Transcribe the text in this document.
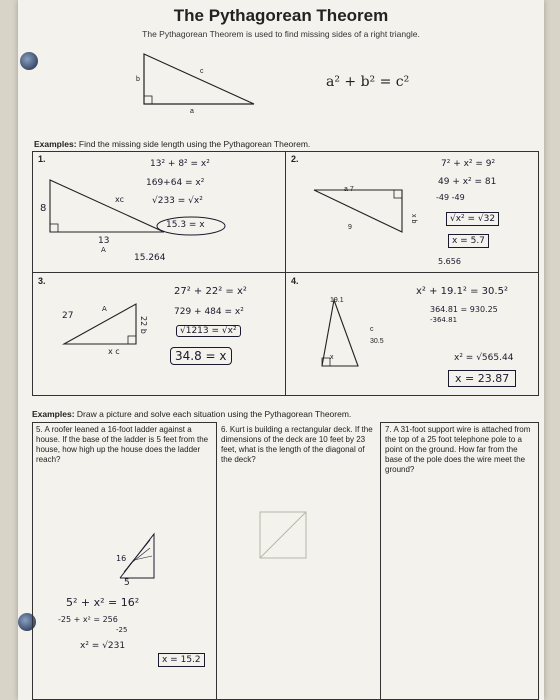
The Pythagorean Theorem
The Pythagorean Theorem is used to find missing sides of a right triangle.
b
c
a
a² + b² = c²
Examples: Find the missing side length using the Pythagorean Theorem.
1.
8
13
A
xc
13² + 8² = x²
169+64 = x²
√233 = √x²
15.3 = x
15.264
2.
a 7
9
x b
7² + x² = 9²
49 + x² = 81
-49 -49
√x² = √32
x = 5.7
5.656
3.
27
A
22 b
x c
27² + 22² = x²
729 + 484 = x²
√1213 = √x²
34.8 = x
4.
19.1
30.5
c
x
x² + 19.1² = 30.5²
364.81 = 930.25
-364.81
x² = √565.44
x = 23.87
Examples: Draw a picture and solve each situation using the Pythagorean Theorem.
5. A roofer leaned a 16-foot ladder against a house. If the base of the ladder is 5 feet from the house, how high up the house does the ladder reach?
6. Kurt is building a rectangular deck. If the dimensions of the deck are 10 feet by 23 feet, what is the length of the diagonal of the deck?
7. A 31-foot support wire is attached from the top of a 25 foot telephone pole to a point on the ground. How far from the base of the pole does the wire meet the ground?
16
5
5² + x² = 16²
-25 + x² = 256
-25
x² = √231
x = 15.2
